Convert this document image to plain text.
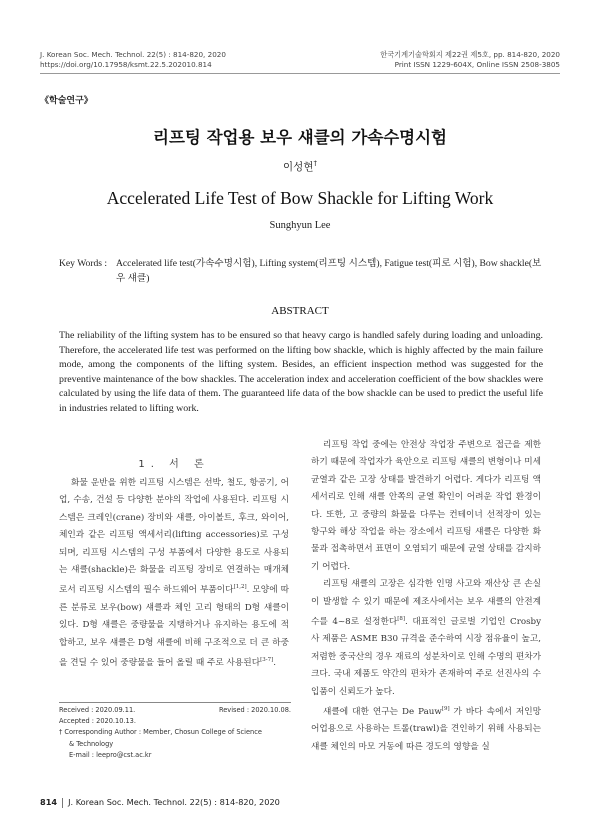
J. Korean Soc. Mech. Technol. 22(5) : 814-820, 2020
https://doi.org/10.17958/ksmt.22.5.202010.814
한국기계기술학회지 제22권 제5호, pp. 814-820, 2020
Print ISSN 1229-604X, Online ISSN 2508-3805
《학술연구》
리프팅 작업용 보우 섀클의 가속수명시험
이성현†
Accelerated Life Test of Bow Shackle for Lifting Work
Sunghyun Lee
Key Words : Accelerated life test(가속수명시험), Lifting system(리프팅 시스템), Fatigue test(피로 시험), Bow shackle(보우 섀클)
ABSTRACT
The reliability of the lifting system has to be ensured so that heavy cargo is handled safely during loading and unloading. Therefore, the accelerated life test was performed on the lifting bow shackle, which is highly affected by the main failure mode, among the components of the lifting system. Besides, an efficient inspection method was suggested for the preventive maintenance of the bow shackles. The acceleration index and acceleration coefficient of the bow shackles were calculated by using the life data of them. The guaranteed life data of the bow shackle can be used to predict the useful life in industries related to lifting work.
1. 서 론

화물 운반을 위한 리프팅 시스템은 선박, 철도, 항공기, 어업, 수송, 건설 등 다양한 분야의 작업에 사용된다. 리프팅 시스템은 크레인(crane) 장비와 섀클, 아이볼트, 후크, 와이어, 체인과 같은 리프팅 액세서리(lifting accessories)로 구성되며, 리프팅 시스템의 구성 부품에서 다양한 용도로 사용되는 섀클(shackle)은 화물을 리프팅 장비로 연결하는 매개체로서 리프팅 시스템의 필수 하드웨어 부품이다[1,2]. 모양에 따른 분류로 보우(bow) 섀클과 체인 고리 형태의 D형 섀클이 있다. D형 섀클은 중량물을 지탱하거나 유지하는 용도에 적합하고, 보우 섀클은 D형 섀클에 비해 구조적으로 더 큰 하중을 견딜 수 있어 중량물을 들어 올릴 때 주로 사용된다[3-7].

리프팅 작업 중에는 안전상 작업장 주변으로 접근을 제한하기 때문에 작업자가 육안으로 리프팅 섀클의 변형이나 미세 균열과 같은 고장 상태를 발견하기 어렵다. 게다가 리프팅 액세서리로 인해 섀클 안쪽의 균열 확인이 어려운 작업 환경이다. 또한, 고 중량의 화물을 다루는 컨테이너 선적장이 있는 항구와 해상 작업을 하는 장소에서 리프팅 섀클은 다양한 화물과 접촉하면서 표면이 오염되기 때문에 균열 상태를 감지하기 어렵다.

리프팅 섀클의 고장은 심각한 인명 사고와 재산상 큰 손실이 발생할 수 있기 때문에 제조사에서는 보우 섀클의 안전계수를 4~8로 설정한다[8]. 대표적인 글로벌 기업인 Crosby 사 제품은 ASME B30 규격을 준수하여 시장 점유율이 높고, 저렴한 중국산의 경우 재료의 성분차이로 인해 수명의 편차가 크다. 국내 제품도 약간의 편차가 존재하여 주로 선진사의 수입품이 신뢰도가 높다.

섀클에 대한 연구는 De Pauw[9] 가 바다 속에서 저인망 어업용으로 사용하는 트롤(trawl)을 견인하기 위해 사용되는 섀클 체인의 마모 거동에 따른 경도의 영향을 실

Received : 2020.09.11.	Revised : 2020.10.08.
Accepted : 2020.10.13.
† Corresponding Author : Member, Chosun College of Science
& Technology
E-mail : leepro@cst.ac.kr
814 J. Korean Soc. Mech. Technol. 22(5) : 814-820, 2020
